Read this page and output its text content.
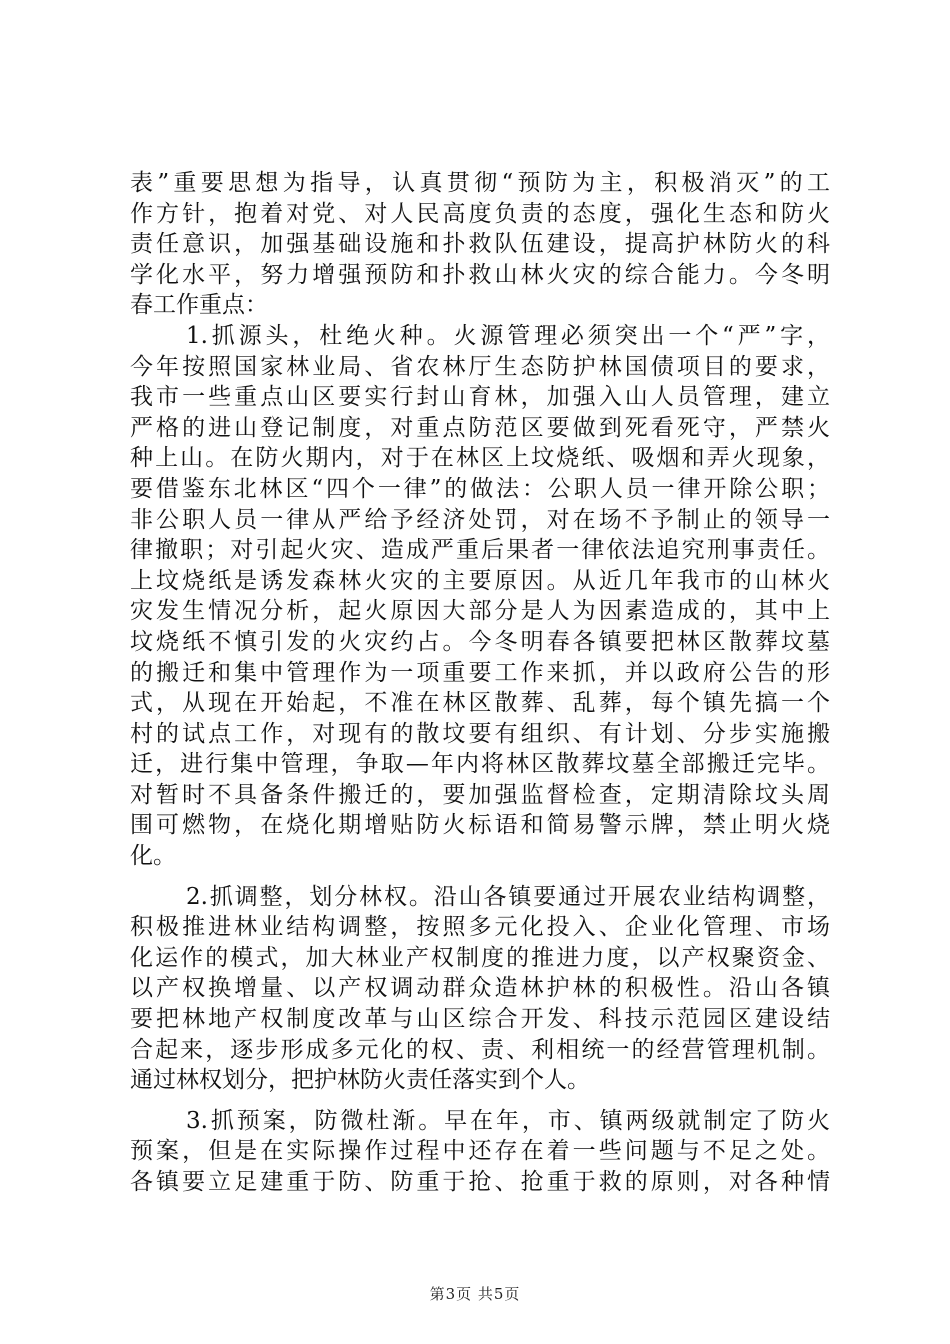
表”重要思想为指导，认真贯彻“预防为主，积极消灭”的工
作方针，抱着对党、对人民高度负责的态度，强化生态和防火
责任意识，加强基础设施和扑救队伍建设，提高护林防火的科
学化水平，努力增强预防和扑救山林火灾的综合能力。今冬明
春工作重点：
1.抓源头，杜绝火种。火源管理必须突出一个“严”字，
今年按照国家林业局、省农林厅生态防护林国债项目的要求，
我市一些重点山区要实行封山育林，加强入山人员管理，建立
严格的进山登记制度，对重点防范区要做到死看死守，严禁火
种上山。在防火期内，对于在林区上坟烧纸、吸烟和弄火现象，
要借鉴东北林区“四个一律”的做法：公职人员一律开除公职；
非公职人员一律从严给予经济处罚，对在场不予制止的领导一
律撤职；对引起火灾、造成严重后果者一律依法追究刑事责任。
上坟烧纸是诱发森林火灾的主要原因。从近几年我市的山林火
灾发生情况分析，起火原因大部分是人为因素造成的，其中上
坟烧纸不慎引发的火灾约占。今冬明春各镇要把林区散葬坟墓
的搬迁和集中管理作为一项重要工作来抓，并以政府公告的形
式，从现在开始起，不准在林区散葬、乱葬，每个镇先搞一个
村的试点工作，对现有的散坟要有组织、有计划、分步实施搬
迁，进行集中管理，争取—年内将林区散葬坟墓全部搬迁完毕。
对暂时不具备条件搬迁的，要加强监督检查，定期清除坟头周
围可燃物，在烧化期增贴防火标语和简易警示牌，禁止明火烧
化。
2.抓调整，划分林权。沿山各镇要通过开展农业结构调整，
积极推进林业结构调整，按照多元化投入、企业化管理、市场
化运作的模式，加大林业产权制度的推进力度，以产权聚资金、
以产权换增量、以产权调动群众造林护林的积极性。沿山各镇
要把林地产权制度改革与山区综合开发、科技示范园区建设结
合起来，逐步形成多元化的权、责、利相统一的经营管理机制。
通过林权划分，把护林防火责任落实到个人。
3.抓预案，防微杜渐。早在年，市、镇两级就制定了防火
预案，但是在实际操作过程中还存在着一些问题与不足之处。
各镇要立足建重于防、防重于抢、抢重于救的原则，对各种情
第3页 共5页
